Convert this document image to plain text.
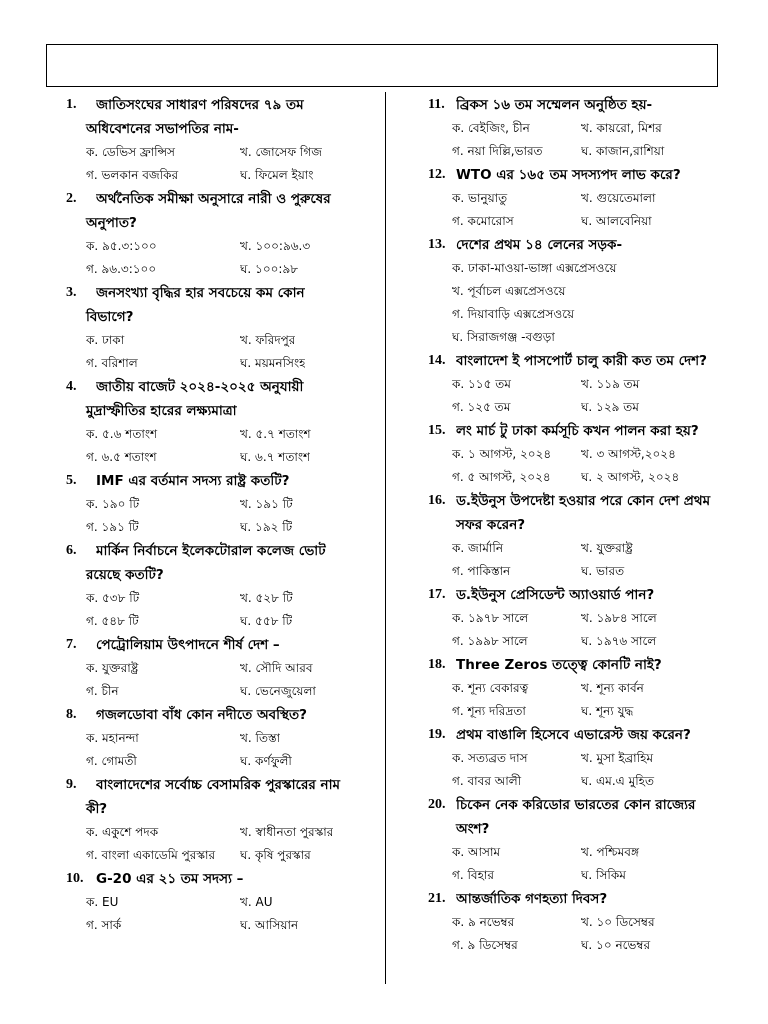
1.	জাতিসংঘের সাধারণ পরিষদের ৭৯ তম
অধিবেশনের সভাপতির নাম-
ক. ডেভিস ফ্রান্সিস	খ. জোসেফ গিজ
গ. ভলকান বজকির	ঘ. ফিমেল ইয়াং
2.	অর্থনৈতিক সমীক্ষা অনুসারে নারী ও পুরুষের
অনুপাত?
ক. ৯৫.৩:১০০	খ. ১০০:৯৬.৩
গ. ৯৬.৩:১০০	ঘ. ১০০:৯৮
3.	জনসংখ্যা বৃদ্ধির হার সবচেয়ে কম কোন
বিভাগে?
ক. ঢাকা	খ. ফরিদপুর
গ. বরিশাল	ঘ. ময়মনসিংহ
4.	জাতীয় বাজেট ২০২৪-২০২৫ অনুযায়ী
মুদ্রাস্ফীতির হারের লক্ষ্যমাত্রা
ক. ৫.৬ শতাংশ	খ. ৫.৭ শতাংশ
গ. ৬.৫ শতাংশ	ঘ. ৬.৭ শতাংশ
5.	IMF এর বর্তমান সদস্য রাষ্ট্র কতটি?
ক. ১৯০ টি	খ. ১৯১ টি
গ. ১৯১ টি	ঘ. ১৯২ টি
6.	মার্কিন নির্বাচনে ইলেকটোরাল কলেজ ভোট
রয়েছে কতটি?
ক. ৫৩৮ টি	খ. ৫২৮ টি
গ. ৫৪৮ টি	ঘ. ৫৫৮ টি
7.	পেট্রোলিয়াম উৎপাদনে শীর্ষ দেশ –
ক. যুক্তরাষ্ট্র	খ. সৌদি আরব
গ. চীন	ঘ. ভেনেজুয়েলা
8.	গজলডোবা বাঁধ কোন নদীতে অবস্থিত?
ক. মহানন্দা	খ. তিস্তা
গ. গোমতী	ঘ. কর্ণফুলী
9.	বাংলাদেশের সর্বোচ্চ বেসামরিক পুরস্কারের নাম
কী?
ক. একুশে পদক	খ. স্বাধীনতা পুরস্কার
গ. বাংলা একাডেমি পুরস্কার	ঘ. কৃষি পুরস্কার
10. G-20 এর ২১ তম সদস্য –
ক. EU	খ. AU
গ. সার্ক	ঘ. আসিয়ান
11. ব্রিকস ১৬ তম সম্মেলন অনুষ্ঠিত হয়-
ক. বেইজিং, চীন	খ. কায়রো, মিশর
গ. নয়া দিল্লি,ভারত	ঘ. কাজান,রাশিয়া
12. WTO এর ১৬৫ তম সদস্যপদ লাভ করে?
ক. ভানুয়াতু	খ. গুয়েতেমালা
গ. কমোরোস	ঘ. আলবেনিয়া
13. দেশের প্রথম ১৪ লেনের সড়ক-
ক. ঢাকা-মাওয়া-ভাঙ্গা এক্সপ্রেসওয়ে
খ. পূর্বাচল এক্সপ্রেসওয়ে
গ. দিয়াবাড়ি এক্সপ্রেসওয়ে
ঘ. সিরাজগঞ্জ -বগুড়া
14. বাংলাদেশ ই পাসপোর্ট চালু কারী কত তম দেশ?
ক. ১১৫ তম	খ. ১১৯ তম
গ. ১২৫ তম	ঘ. ১২৯ তম
15. লং মার্চ টু ঢাকা কর্মসূচি কখন পালন করা হয়?
ক. ১ আগস্ট, ২০২৪	খ. ৩ আগস্ট,২০২৪
গ. ৫ আগস্ট, ২০২৪	ঘ. ২ আগস্ট, ২০২৪
16. ড.ইউনুস উপদেষ্টা হওয়ার পরে কোন দেশ প্রথম
সফর করেন?
ক. জার্মানি	খ. যুক্তরাষ্ট্র
গ. পাকিস্তান	ঘ. ভারত
17. ড.ইউনুস প্রেসিডেন্ট অ্যাওয়ার্ড পান?
ক. ১৯৭৮ সালে	খ. ১৯৮৪ সালে
গ. ১৯৯৮ সালে	ঘ. ১৯৭৬ সালে
18. Three Zeros তত্ত্বে কোনটি নাই?
ক. শূন্য বেকারত্ব	খ. শূন্য কার্বন
গ. শূন্য দরিদ্রতা	ঘ. শূন্য যুদ্ধ
19. প্রথম বাঙালি হিসেবে এভারেস্ট জয় করেন?
ক. সত্যব্রত দাস	খ. মুসা ইব্রাহিম
গ. বাবর আলী	ঘ. এম.এ মুহিত
20. চিকেন নেক করিডোর ভারতের কোন রাজ্যের
অংশ?
ক. আসাম	খ. পশ্চিমবঙ্গ
গ. বিহার	ঘ. সিকিম
21. আন্তর্জাতিক গণহত্যা দিবস?
ক. ৯ নভেম্বর	খ. ১০ ডিসেম্বর
গ. ৯ ডিসেম্বর	ঘ. ১০ নভেম্বর
